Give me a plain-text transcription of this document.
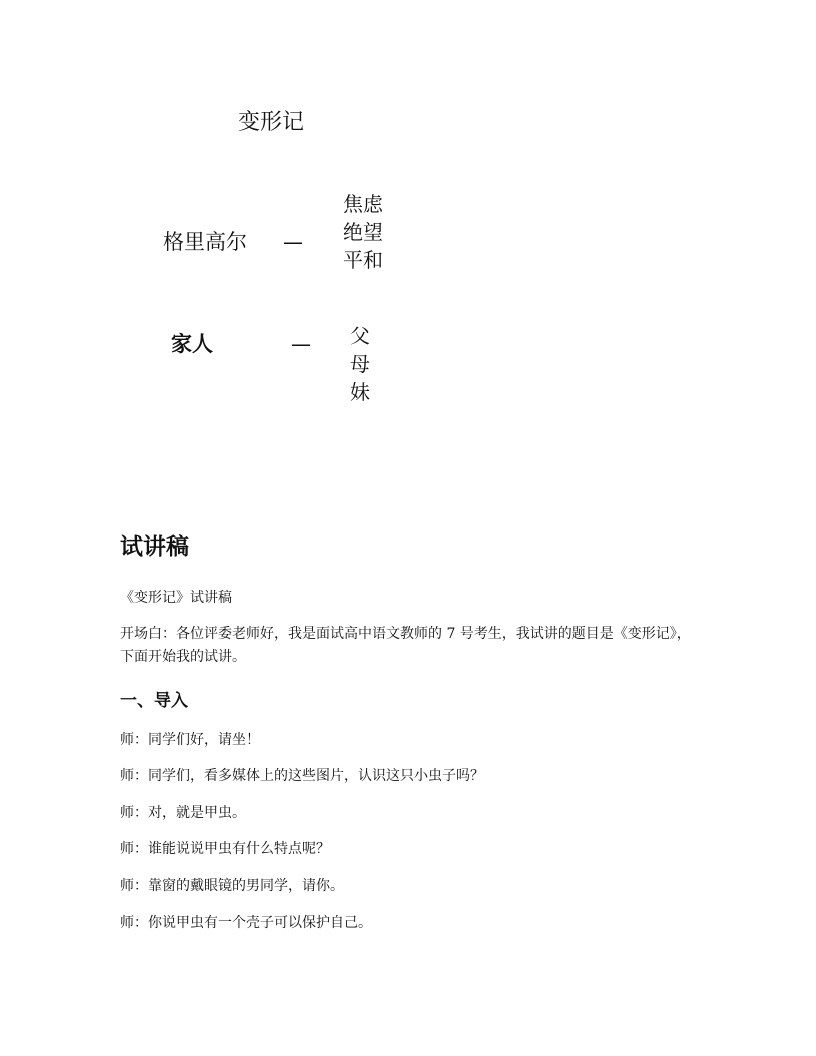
变形记
格里高尔 —
焦虑
绝望
平和
家人	— 父
母
妹
试讲稿

《变形记》试讲稿

开场白：各位评委老师好，我是面试高中语文教师的 7 号考生，我试讲的题目是《变形记》，下面开始我的试讲。

一、导入

师：同学们好，请坐！

师：同学们，看多媒体上的这些图片，认识这只小虫子吗？

师：对，就是甲虫。

师：谁能说说甲虫有什么特点呢？

师：靠窗的戴眼镜的男同学，请你。

师：你说甲虫有一个壳子可以保护自己。
